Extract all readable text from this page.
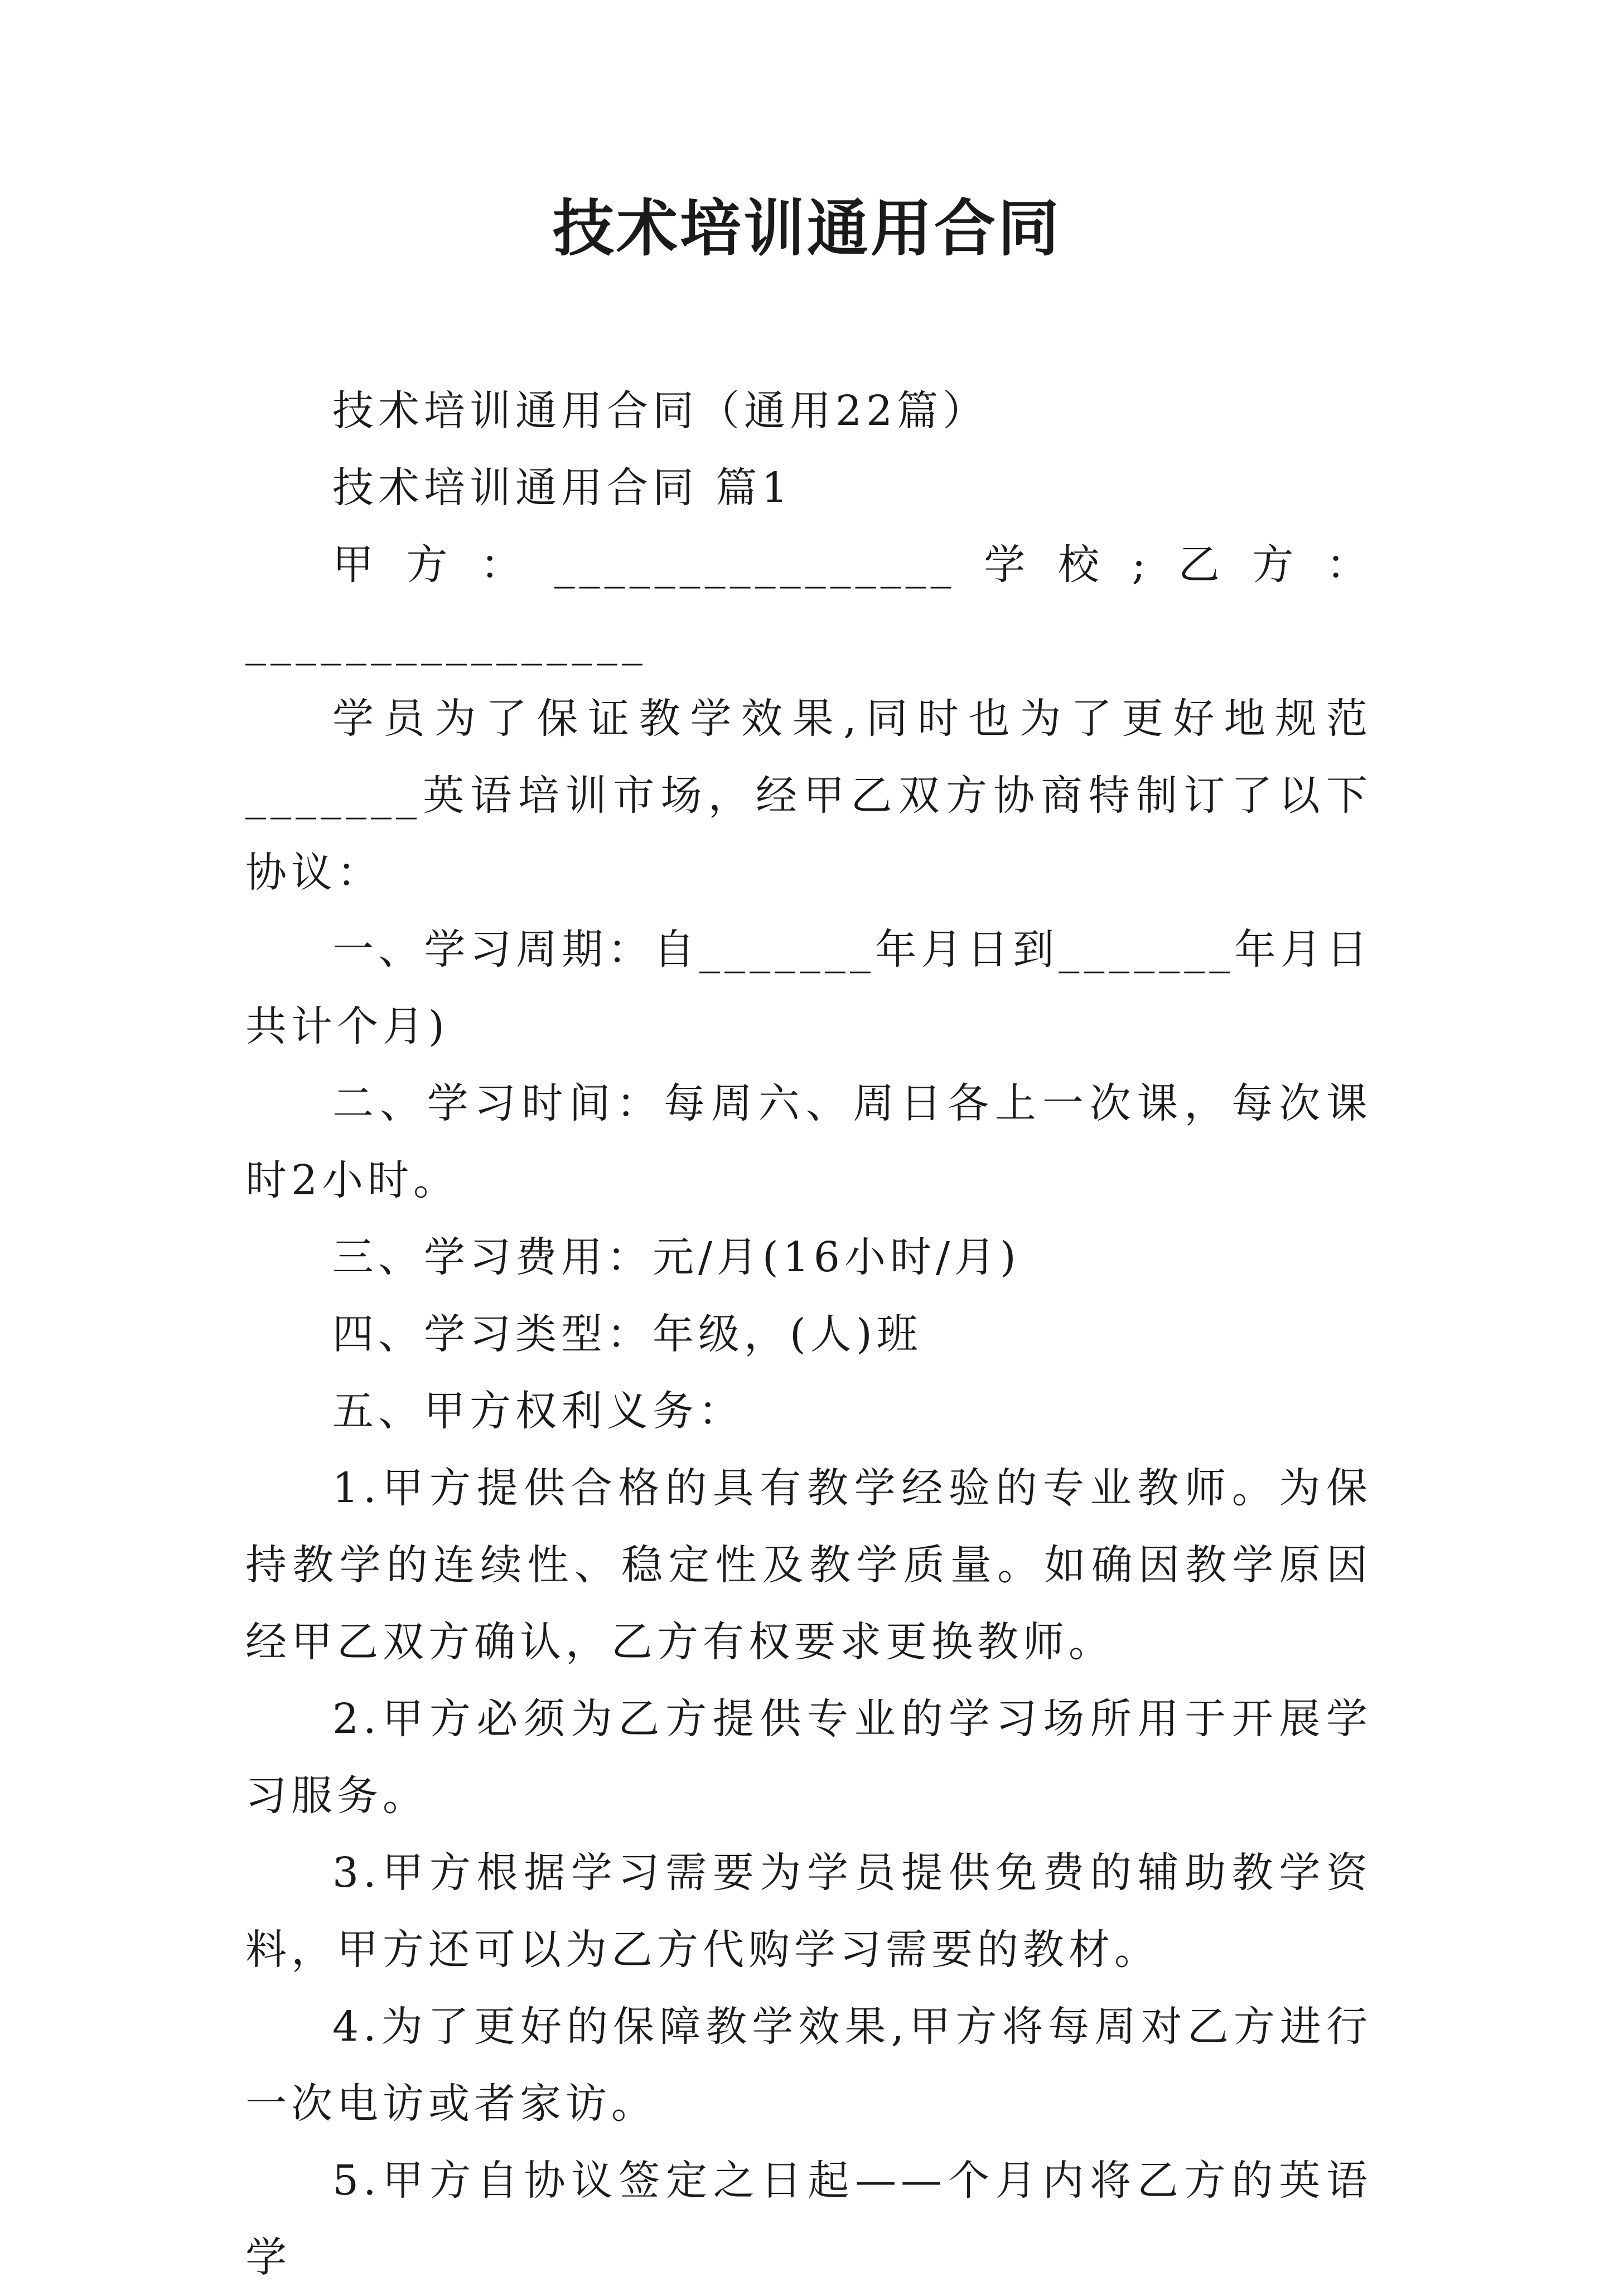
技术培训通用合同

技术培训通用合同（通用22篇）

技术培训通用合同 篇1

甲方：________________学校;乙方：________________

学员为了保证教学效果,同时也为了更好地规范_______英语培训市场，经甲乙双方协商特制订了以下协议：

一、学习周期：自_______年月日到_______年月日共计个月)

二、学习时间：每周六、周日各上一次课，每次课时2小时。

三、学习费用：元/月(16小时/月)

四、学习类型：年级，(人)班

五、甲方权利义务：

1.甲方提供合格的具有教学经验的专业教师。为保持教学的连续性、稳定性及教学质量。如确因教学原因经甲乙双方确认，乙方有权要求更换教师。

2.甲方必须为乙方提供专业的学习场所用于开展学习服务。

3.甲方根据学习需要为学员提供免费的辅助教学资料，甲方还可以为乙方代购学习需要的教材。

4.为了更好的保障教学效果,甲方将每周对乙方进行一次电访或者家访。

5.甲方自协议签定之日起——个月内将乙方的英语学
